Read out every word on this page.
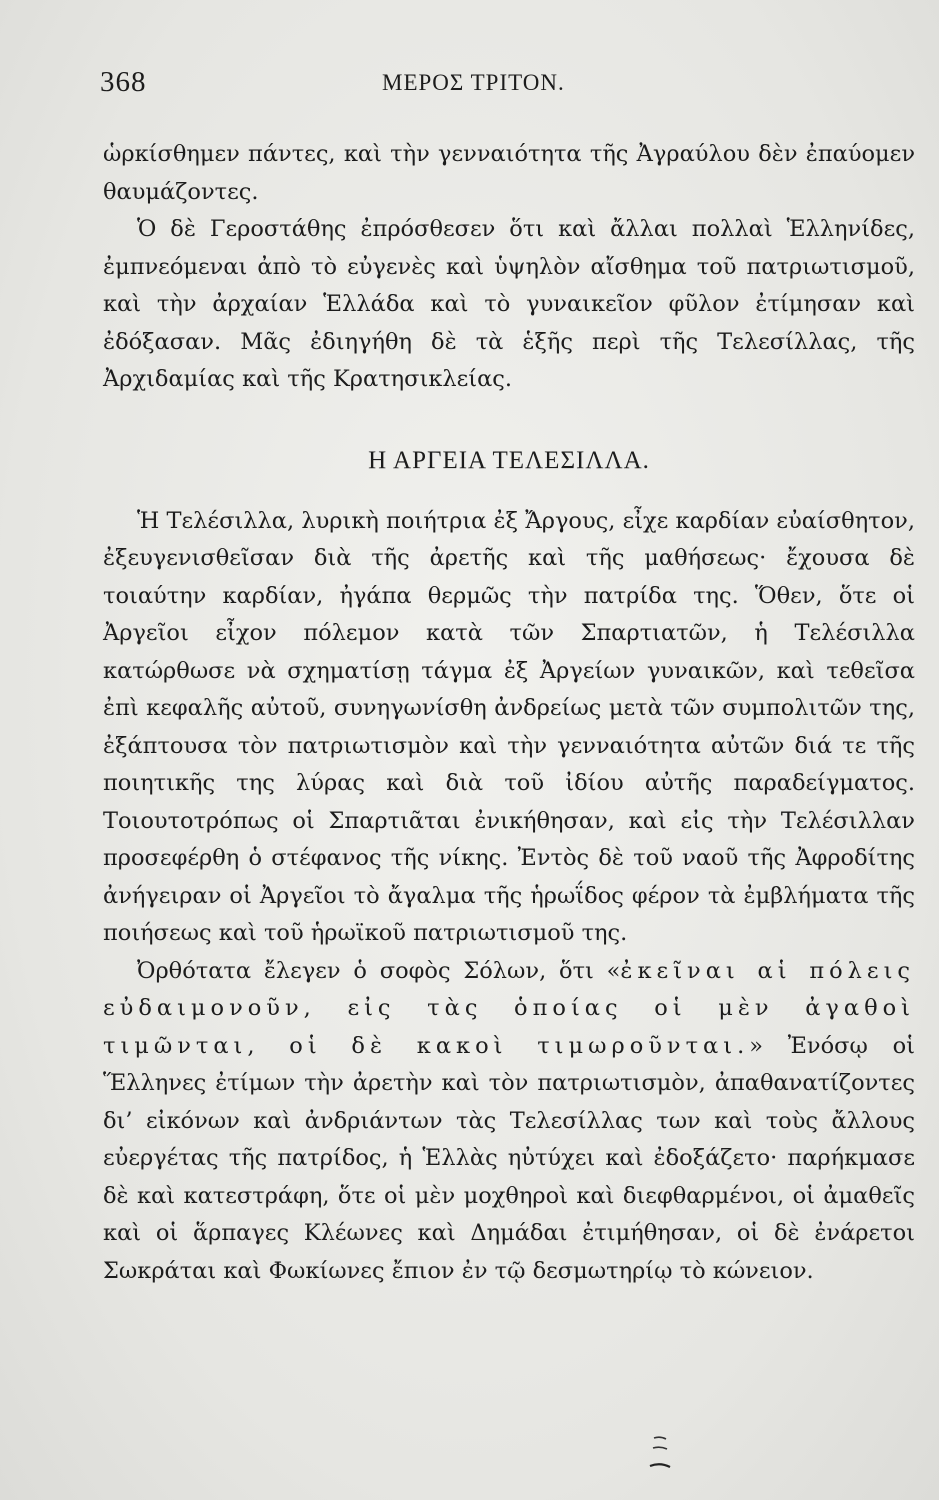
368	ΜΕΡΟΣ ΤΡΙΤΟΝ.

ὡρκίσθημεν πάντες, καὶ τὴν γενναιότητα τῆς Ἀγραύλου δὲν ἐπαύομεν θαυμάζοντες.

Ὁ δὲ Γεροστάθης ἐπρόσθεσεν ὅτι καὶ ἄλλαι πολλαὶ Ἑλληνίδες, ἐμπνεόμεναι ἀπὸ τὸ εὐγενὲς καὶ ὑψηλὸν αἴσθημα τοῦ πατριωτισμοῦ, καὶ τὴν ἀρχαίαν Ἑλλάδα καὶ τὸ γυναικεῖον φῦλον ἐτίμησαν καὶ ἐδόξασαν. Μᾶς ἐδιηγήθη δὲ τὰ ἑξῆς περὶ τῆς Τελεσίλλας, τῆς Ἀρχιδαμίας καὶ τῆς Κρατησικλείας.

Η ΑΡΓΕΙΑ ΤΕΛΕΣΙΛΛΑ.

Ἡ Τελέσιλλα, λυρικὴ ποιήτρια ἐξ Ἄργους, εἶχε καρδίαν εὐαίσθητον, ἐξευγενισθεῖσαν διὰ τῆς ἀρετῆς καὶ τῆς μαθήσεως· ἔχουσα δὲ τοιαύτην καρδίαν, ἠγάπα θερμῶς τὴν πατρίδα της. Ὅθεν, ὅτε οἱ Ἀργεῖοι εἶχον πόλεμον κατὰ τῶν Σπαρτιατῶν, ἡ Τελέσιλλα κατώρθωσε νὰ σχηματίσῃ τάγμα ἐξ Ἀργείων γυναικῶν, καὶ τεθεῖσα ἐπὶ κεφαλῆς αὐτοῦ, συνηγωνίσθη ἀνδρείως μετὰ τῶν συμπολιτῶν της, ἐξάπτουσα τὸν πατριωτισμὸν καὶ τὴν γενναιότητα αὐτῶν διά τε τῆς ποιητικῆς της λύρας καὶ διὰ τοῦ ἰδίου αὐτῆς παραδείγματος. Τοιουτοτρόπως οἱ Σπαρτιᾶται ἐνικήθησαν, καὶ εἰς τὴν Τελέσιλλαν προσεφέρθη ὁ στέφανος τῆς νίκης. Ἐντὸς δὲ τοῦ ναοῦ τῆς Ἀφροδίτης ἀνήγειραν οἱ Ἀργεῖοι τὸ ἄγαλμα τῆς ἡρωΐδος φέρον τὰ ἐμβλήματα τῆς ποιήσεως καὶ τοῦ ἡρωϊκοῦ πατριωτισμοῦ της.

Ὀρθότατα ἔλεγεν ὁ σοφὸς Σόλων, ὅτι «ἐκεῖναι αἱ πόλεις εὐδαιμονοῦν, εἰς τὰς ὁποίας οἱ μὲν ἀγαθοὶ τιμῶνται, οἱ δὲ κακοὶ τιμωροῦνται.» Ἐνόσῳ οἱ Ἕλληνες ἐτίμων τὴν ἀρετὴν καὶ τὸν πατριωτισμὸν, ἀπαθανατίζοντες δι’ εἰκόνων καὶ ἀνδριάντων τὰς Τελεσίλλας των καὶ τοὺς ἄλλους εὐεργέτας τῆς πατρίδος, ἡ Ἑλλὰς ηὐτύχει καὶ ἐδοξάζετο· παρήκμασε δὲ καὶ κατεστράφη, ὅτε οἱ μὲν μοχθηροὶ καὶ διεφθαρμένοι, οἱ ἀμαθεῖς καὶ οἱ ἅρπαγες Κλέωνες καὶ Δημάδαι ἐτιμήθησαν, οἱ δὲ ἐνάρετοι Σωκράται καὶ Φωκίωνες ἔπιον ἐν τῷ δεσμωτηρίῳ τὸ κώνειον.
